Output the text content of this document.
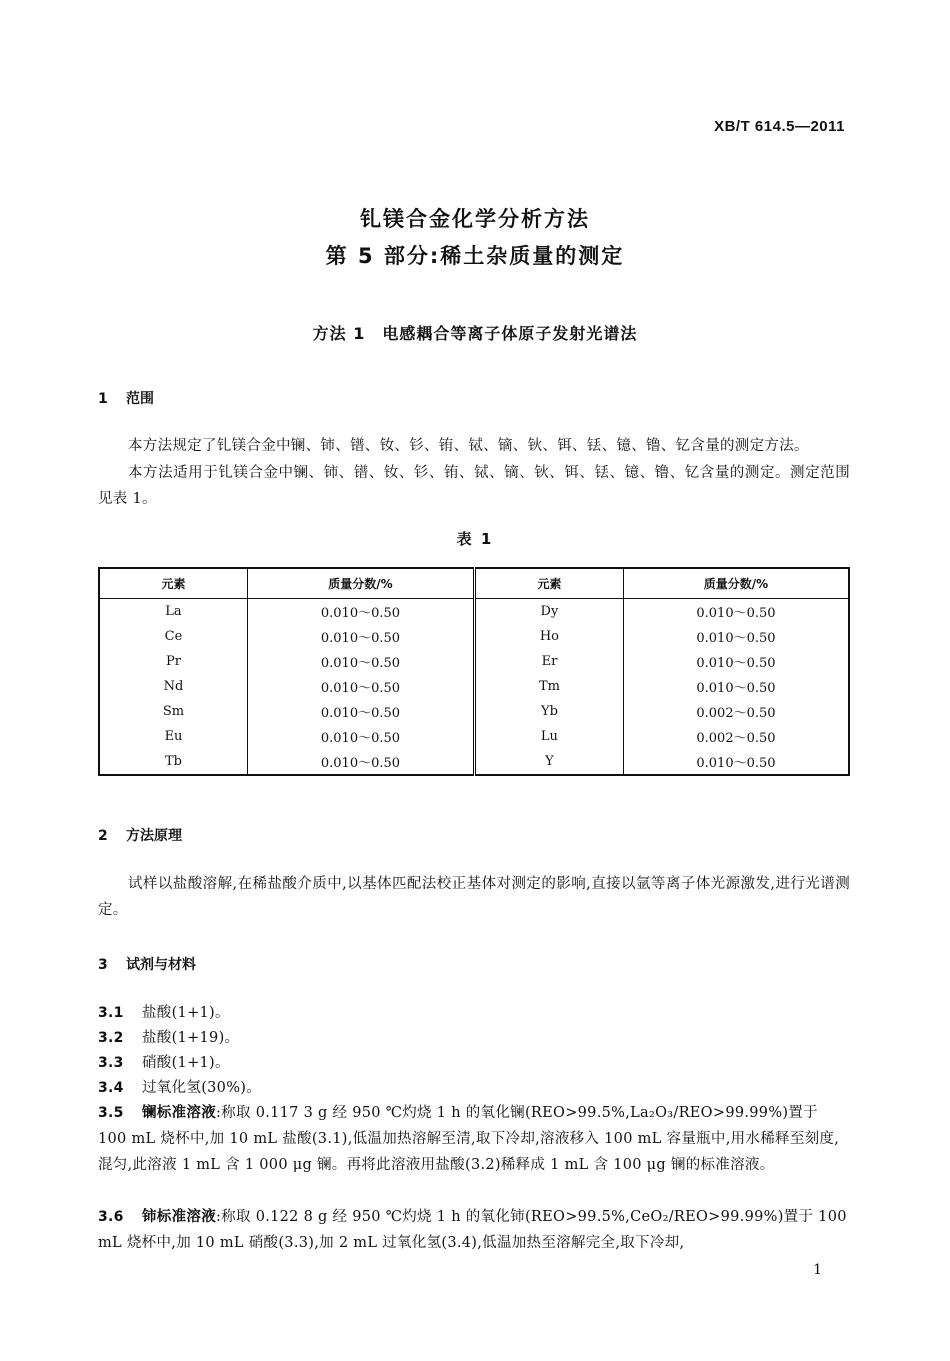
XB/T 614.5—2011
钆镁合金化学分析方法
第 5 部分:稀土杂质量的测定
方法 1　电感耦合等离子体原子发射光谱法
1 范围
本方法规定了钆镁合金中镧、铈、镨、钕、钐、铕、铽、镝、钬、铒、铥、镱、镥、钇含量的测定方法。
本方法适用于钆镁合金中镧、铈、镨、钕、钐、铕、铽、镝、钬、铒、铥、镱、镥、钇含量的测定。测定范围见表 1。
表 1
元素	质量分数/%	元素	质量分数/%
La	0.010～0.50	Dy	0.010～0.50
Ce	0.010～0.50	Ho	0.010～0.50
Pr	0.010～0.50	Er	0.010～0.50
Nd	0.010～0.50	Tm	0.010～0.50
Sm	0.010～0.50	Yb	0.002～0.50
Eu	0.010～0.50	Lu	0.002～0.50
Tb	0.010～0.50	Y	0.010～0.50
2 方法原理
试样以盐酸溶解,在稀盐酸介质中,以基体匹配法校正基体对测定的影响,直接以氩等离子体光源激发,进行光谱测定。
3 试剂与材料
3.1 盐酸(1+1)。
3.2 盐酸(1+19)。
3.3 硝酸(1+1)。
3.4 过氧化氢(30%)。
3.5 镧标准溶液:称取 0.117 3 g 经 950 ℃灼烧 1 h 的氧化镧(REO>99.5%,La₂O₃/REO>99.99%)置于 100 mL 烧杯中,加 10 mL 盐酸(3.1),低温加热溶解至清,取下冷却,溶液移入 100 mL 容量瓶中,用水稀释至刻度,混匀,此溶液 1 mL 含 1 000 μg 镧。再将此溶液用盐酸(3.2)稀释成 1 mL 含 100 μg 镧的标准溶液。
3.6 铈标准溶液:称取 0.122 8 g 经 950 ℃灼烧 1 h 的氧化铈(REO>99.5%,CeO₂/REO>99.99%)置于 100 mL 烧杯中,加 10 mL 硝酸(3.3),加 2 mL 过氧化氢(3.4),低温加热至溶解完全,取下冷却,
1
